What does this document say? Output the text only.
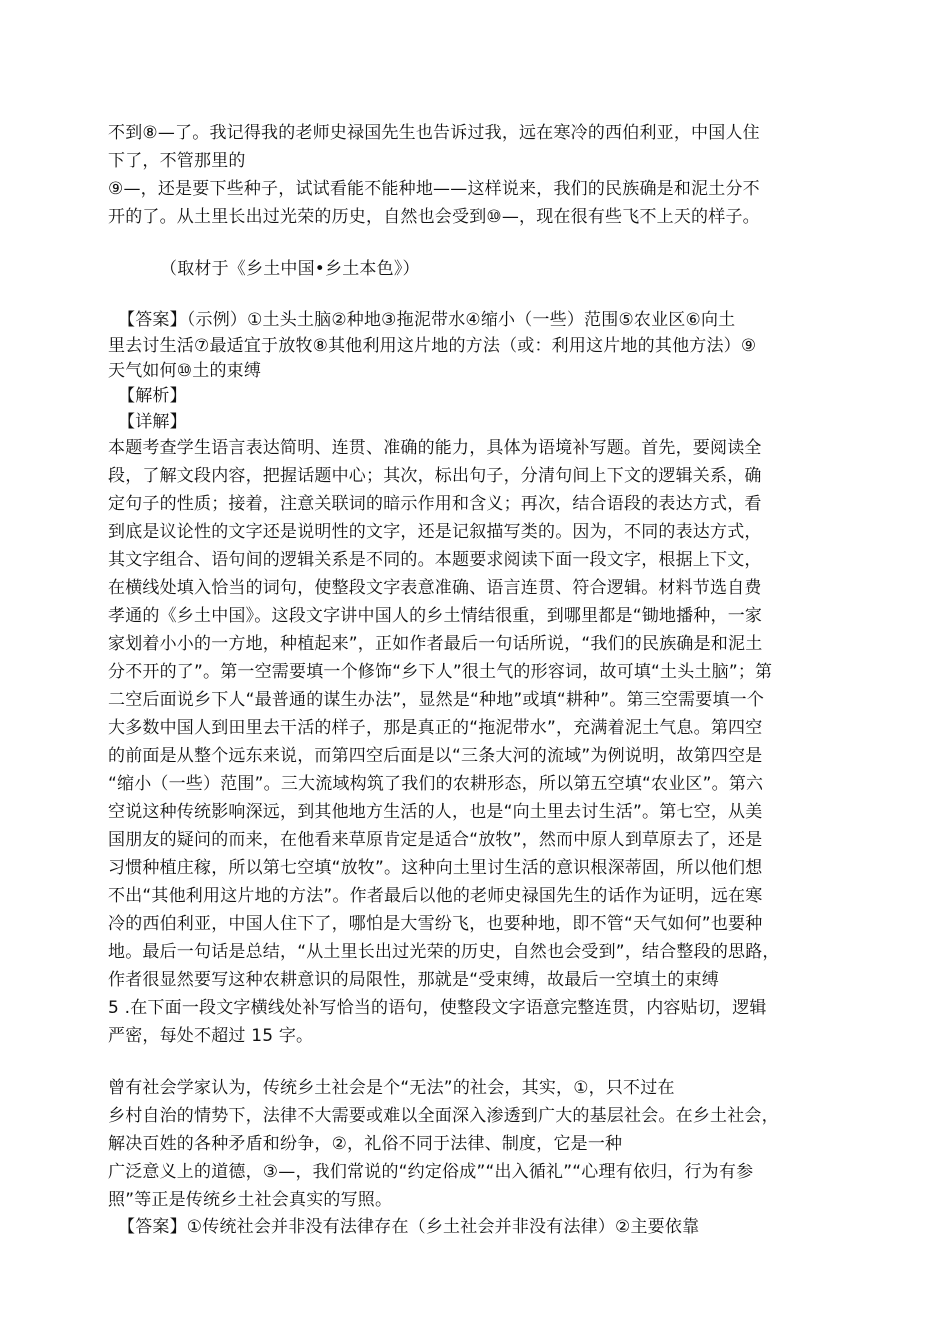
不到⑧—了。我记得我的老师史禄国先生也告诉过我，远在寒冷的西伯利亚，中国人住
下了，不管那里的
⑨—，还是要下些种子，试试看能不能种地——这样说来，我们的民族确是和泥土分不
开的了。从土里长出过光荣的历史，自然也会受到⑩—，现在很有些飞不上天的样子。
（取材于《乡土中国•乡土本色》）
【答案】（示例）①土头土脑②种地③拖泥带水④缩小（一些）范围⑤农业区⑥向土
里去讨生活⑦最适宜于放牧⑧其他利用这片地的方法（或：利用这片地的其他方法）⑨
天气如何⑩土的束缚
【解析】
【详解】
本题考查学生语言表达简明、连贯、准确的能力，具体为语境补写题。首先，要阅读全
段，了解文段内容，把握话题中心；其次，标出句子，分清句间上下文的逻辑关系，确
定句子的性质；接着，注意关联词的暗示作用和含义；再次，结合语段的表达方式，看
到底是议论性的文字还是说明性的文字，还是记叙描写类的。因为，不同的表达方式，
其文字组合、语句间的逻辑关系是不同的。本题要求阅读下面一段文字，根据上下文，
在横线处填入恰当的词句，使整段文字表意准确、语言连贯、符合逻辑。材料节选自费
孝通的《乡土中国》。这段文字讲中国人的乡土情结很重，到哪里都是“锄地播种，一家
家划着小小的一方地，种植起来”，正如作者最后一句话所说，“我们的民族确是和泥土
分不开的了”。第一空需要填一个修饰“乡下人”很土气的形容词，故可填“土头土脑”；第
二空后面说乡下人“最普通的谋生办法”，显然是“种地”或填“耕种”。第三空需要填一个
大多数中国人到田里去干活的样子，那是真正的“拖泥带水”，充满着泥土气息。第四空
的前面是从整个远东来说，而第四空后面是以“三条大河的流域”为例说明，故第四空是
“缩小（一些）范围”。三大流域构筑了我们的农耕形态，所以第五空填“农业区”。第六
空说这种传统影响深远，到其他地方生活的人，也是“向土里去讨生活”。第七空，从美
国朋友的疑问的而来，在他看来草原肯定是适合“放牧”，然而中原人到草原去了，还是
习惯种植庄稼，所以第七空填“放牧”。这种向土里讨生活的意识根深蒂固，所以他们想
不出“其他利用这片地的方法”。作者最后以他的老师史禄国先生的话作为证明，远在寒
冷的西伯利亚，中国人住下了，哪怕是大雪纷飞，也要种地，即不管“天气如何”也要种
地。最后一句话是总结，“从土里长出过光荣的历史，自然也会受到”，结合整段的思路，
作者很显然要写这种农耕意识的局限性，那就是“受束缚，故最后一空填土的束缚
5 .在下面一段文字横线处补写恰当的语句，使整段文字语意完整连贯，内容贴切，逻辑
严密，每处不超过 15 字。
曾有社会学家认为，传统乡土社会是个“无法”的社会，其实，①，只不过在
乡村自治的情势下，法律不大需要或难以全面深入渗透到广大的基层社会。在乡土社会，
解决百姓的各种矛盾和纷争，②，礼俗不同于法律、制度，它是一种
广泛意义上的道德，③—，我们常说的“约定俗成”“出入循礼”“心理有依归，行为有参
照”等正是传统乡土社会真实的写照。
【答案】①传统社会并非没有法律存在（乡土社会并非没有法律）②主要依靠
